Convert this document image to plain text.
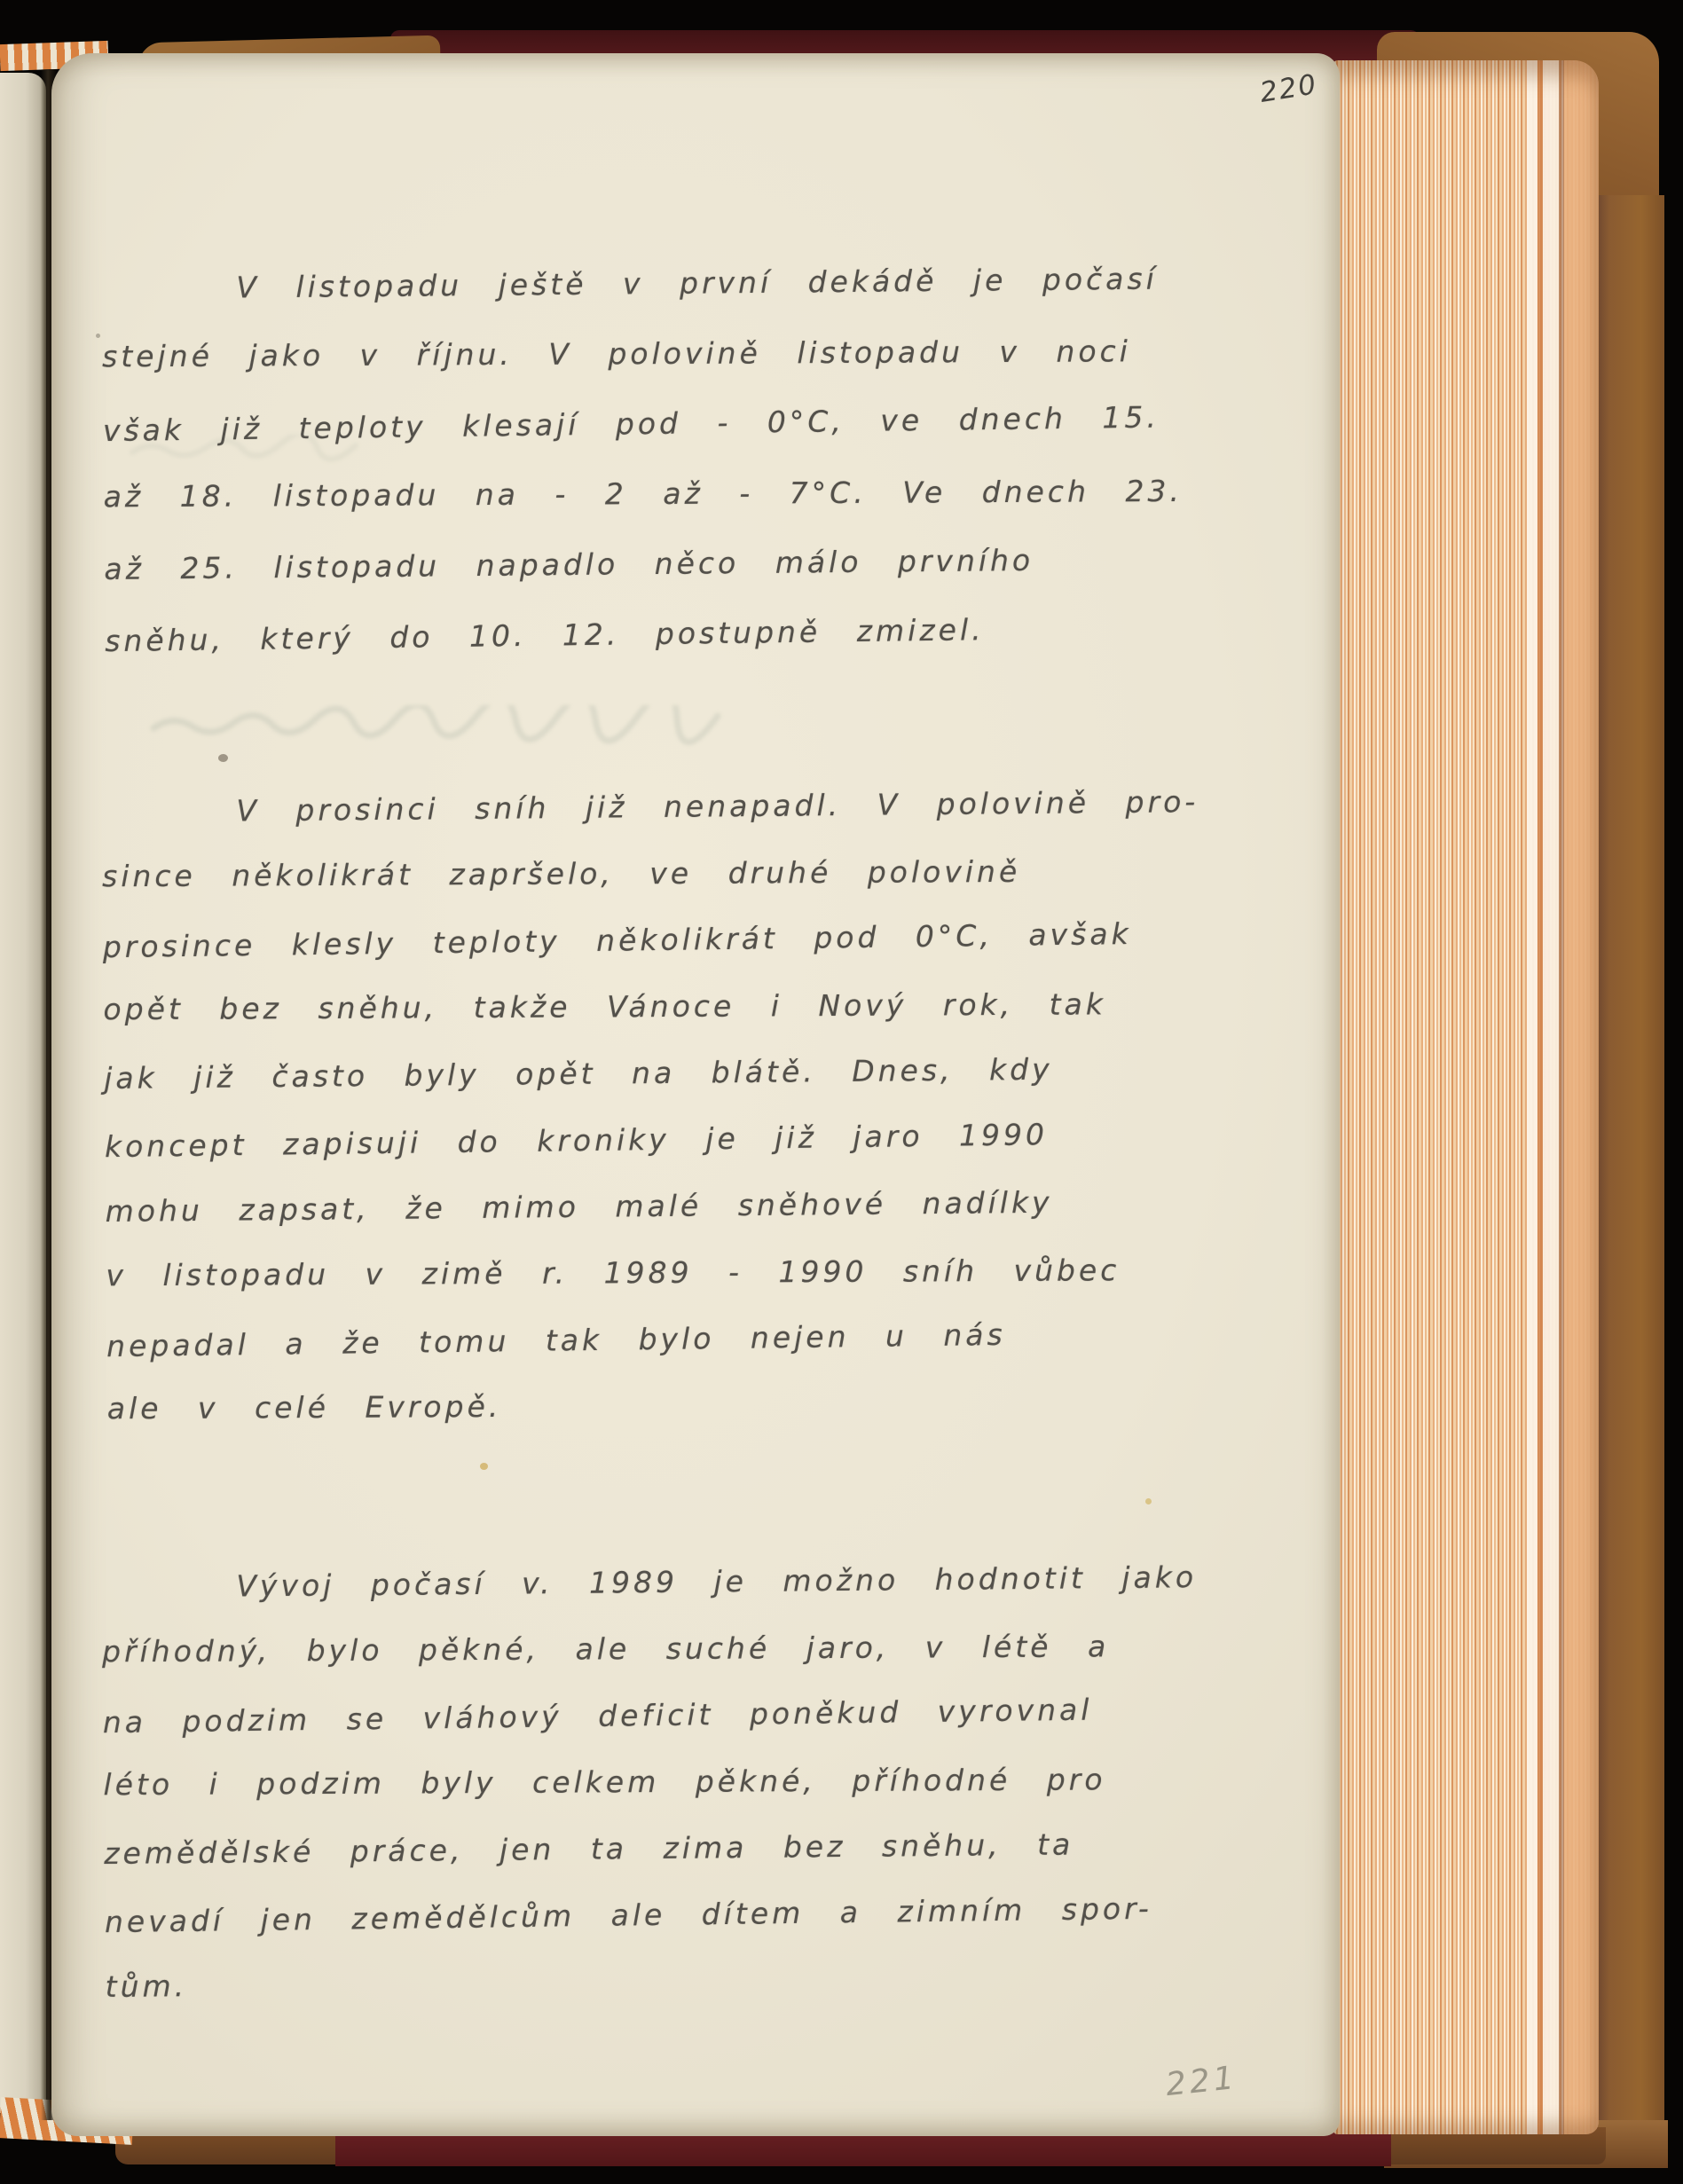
220
V listopadu ještě v první dekádě je počasí
stejné jako v říjnu. V polovině listopadu v noci
však již teploty klesají pod - 0°C, ve dnech 15.
až 18. listopadu na - 2 až - 7°C. Ve dnech 23.
až 25. listopadu napadlo něco málo prvního
sněhu, který do 10. 12. postupně zmizel.
V prosinci sníh již nenapadl. V polovině pro-
since několikrát zapršelo, ve druhé polovině
prosince klesly teploty několikrát pod 0°C, avšak
opět bez sněhu, takže Vánoce i Nový rok, tak
jak již často byly opět na blátě. Dnes, kdy
koncept zapisuji do kroniky je již jaro 1990
mohu zapsat, že mimo malé sněhové nadílky
v listopadu v zimě r. 1989 - 1990 sníh vůbec
nepadal a že tomu tak bylo nejen u nás
ale v celé Evropě.
Vývoj počasí v. 1989 je možno hodnotit jako
příhodný, bylo pěkné, ale suché jaro, v létě a
na podzim se vláhový deficit poněkud vyrovnal
léto i podzim byly celkem pěkné, příhodné pro
zemědělské práce, jen ta zima bez sněhu, ta
nevadí jen zemědělcům ale dítem a zimním spor-
tům.
221
